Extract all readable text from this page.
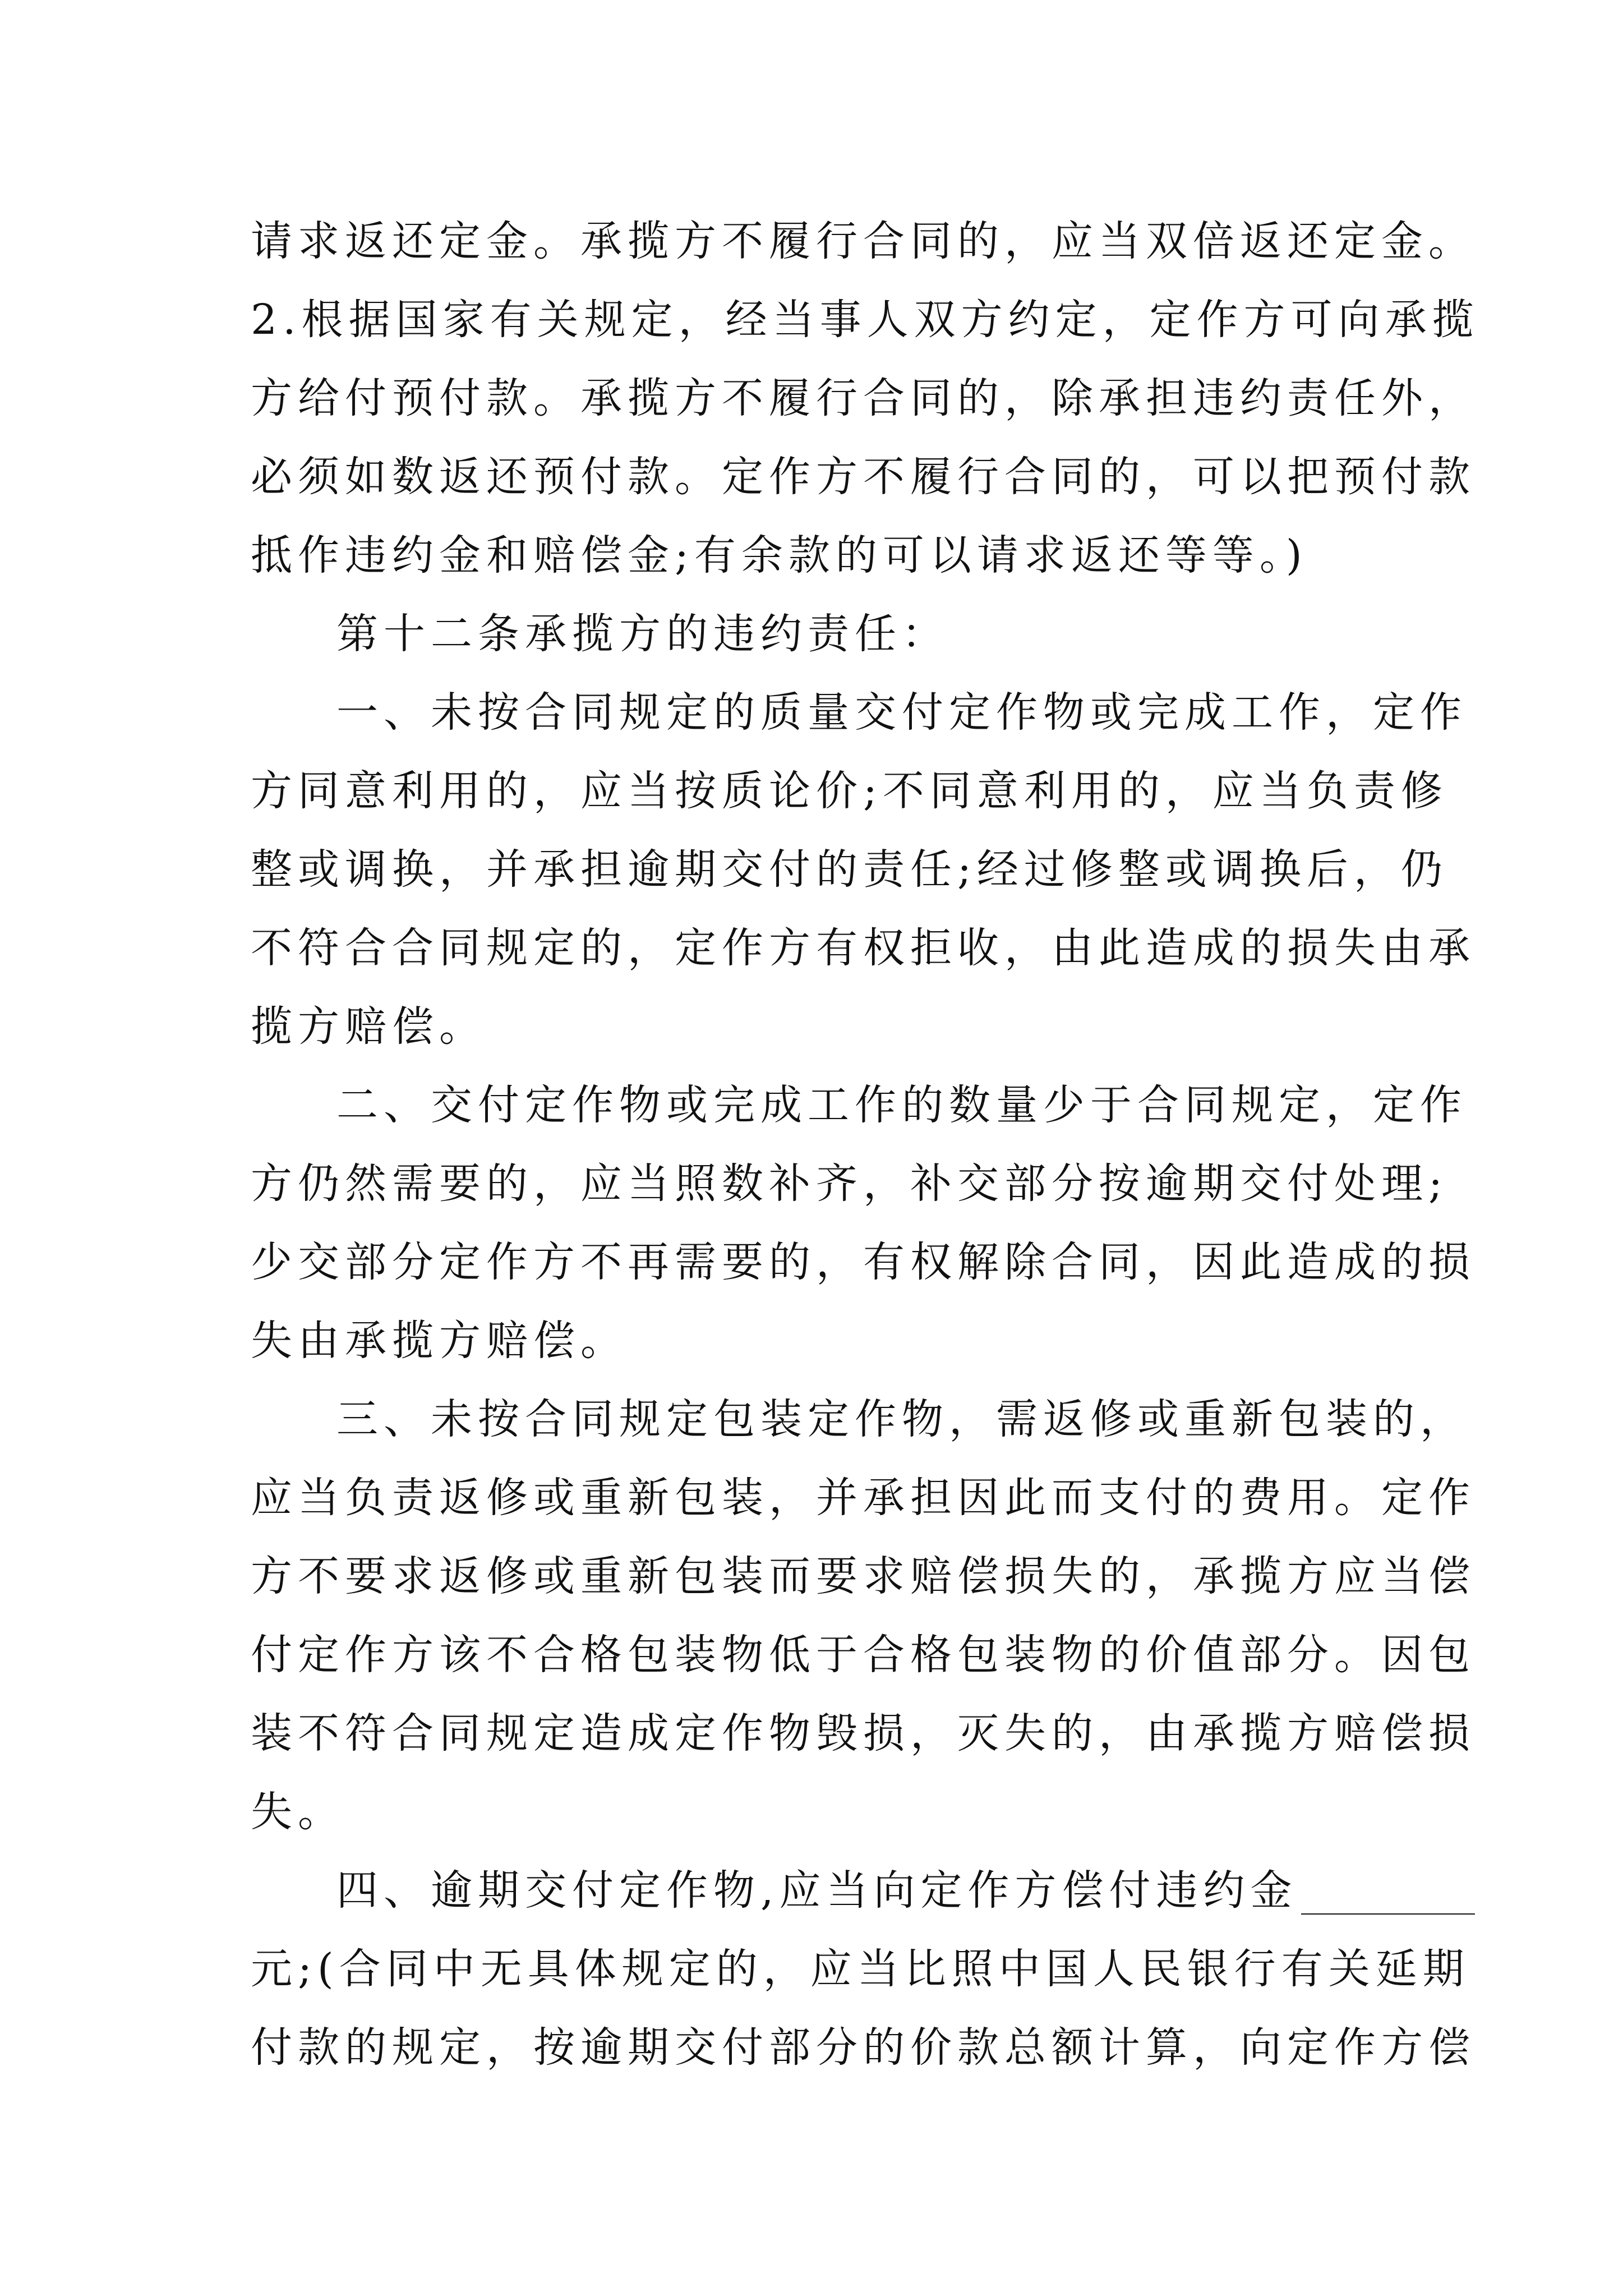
请求返还定金。承揽方不履行合同的，应当双倍返还定金。
2.根据国家有关规定，经当事人双方约定，定作方可向承揽
方给付预付款。承揽方不履行合同的，除承担违约责任外，
必须如数返还预付款。定作方不履行合同的，可以把预付款
抵作违约金和赔偿金;有余款的可以请求返还等等。)
第十二条承揽方的违约责任：
一、未按合同规定的质量交付定作物或完成工作，定作
方同意利用的，应当按质论价;不同意利用的，应当负责修
整或调换，并承担逾期交付的责任;经过修整或调换后，仍
不符合合同规定的，定作方有权拒收，由此造成的损失由承
揽方赔偿。
二、交付定作物或完成工作的数量少于合同规定，定作
方仍然需要的，应当照数补齐，补交部分按逾期交付处理;
少交部分定作方不再需要的，有权解除合同，因此造成的损
失由承揽方赔偿。
三、未按合同规定包装定作物，需返修或重新包装的，
应当负责返修或重新包装，并承担因此而支付的费用。定作
方不要求返修或重新包装而要求赔偿损失的，承揽方应当偿
付定作方该不合格包装物低于合格包装物的价值部分。因包
装不符合同规定造成定作物毁损，灭失的，由承揽方赔偿损
失。
四、逾期交付定作物,应当向定作方偿付违约金
元;(合同中无具体规定的，应当比照中国人民银行有关延期
付款的规定，按逾期交付部分的价款总额计算，向定作方偿
